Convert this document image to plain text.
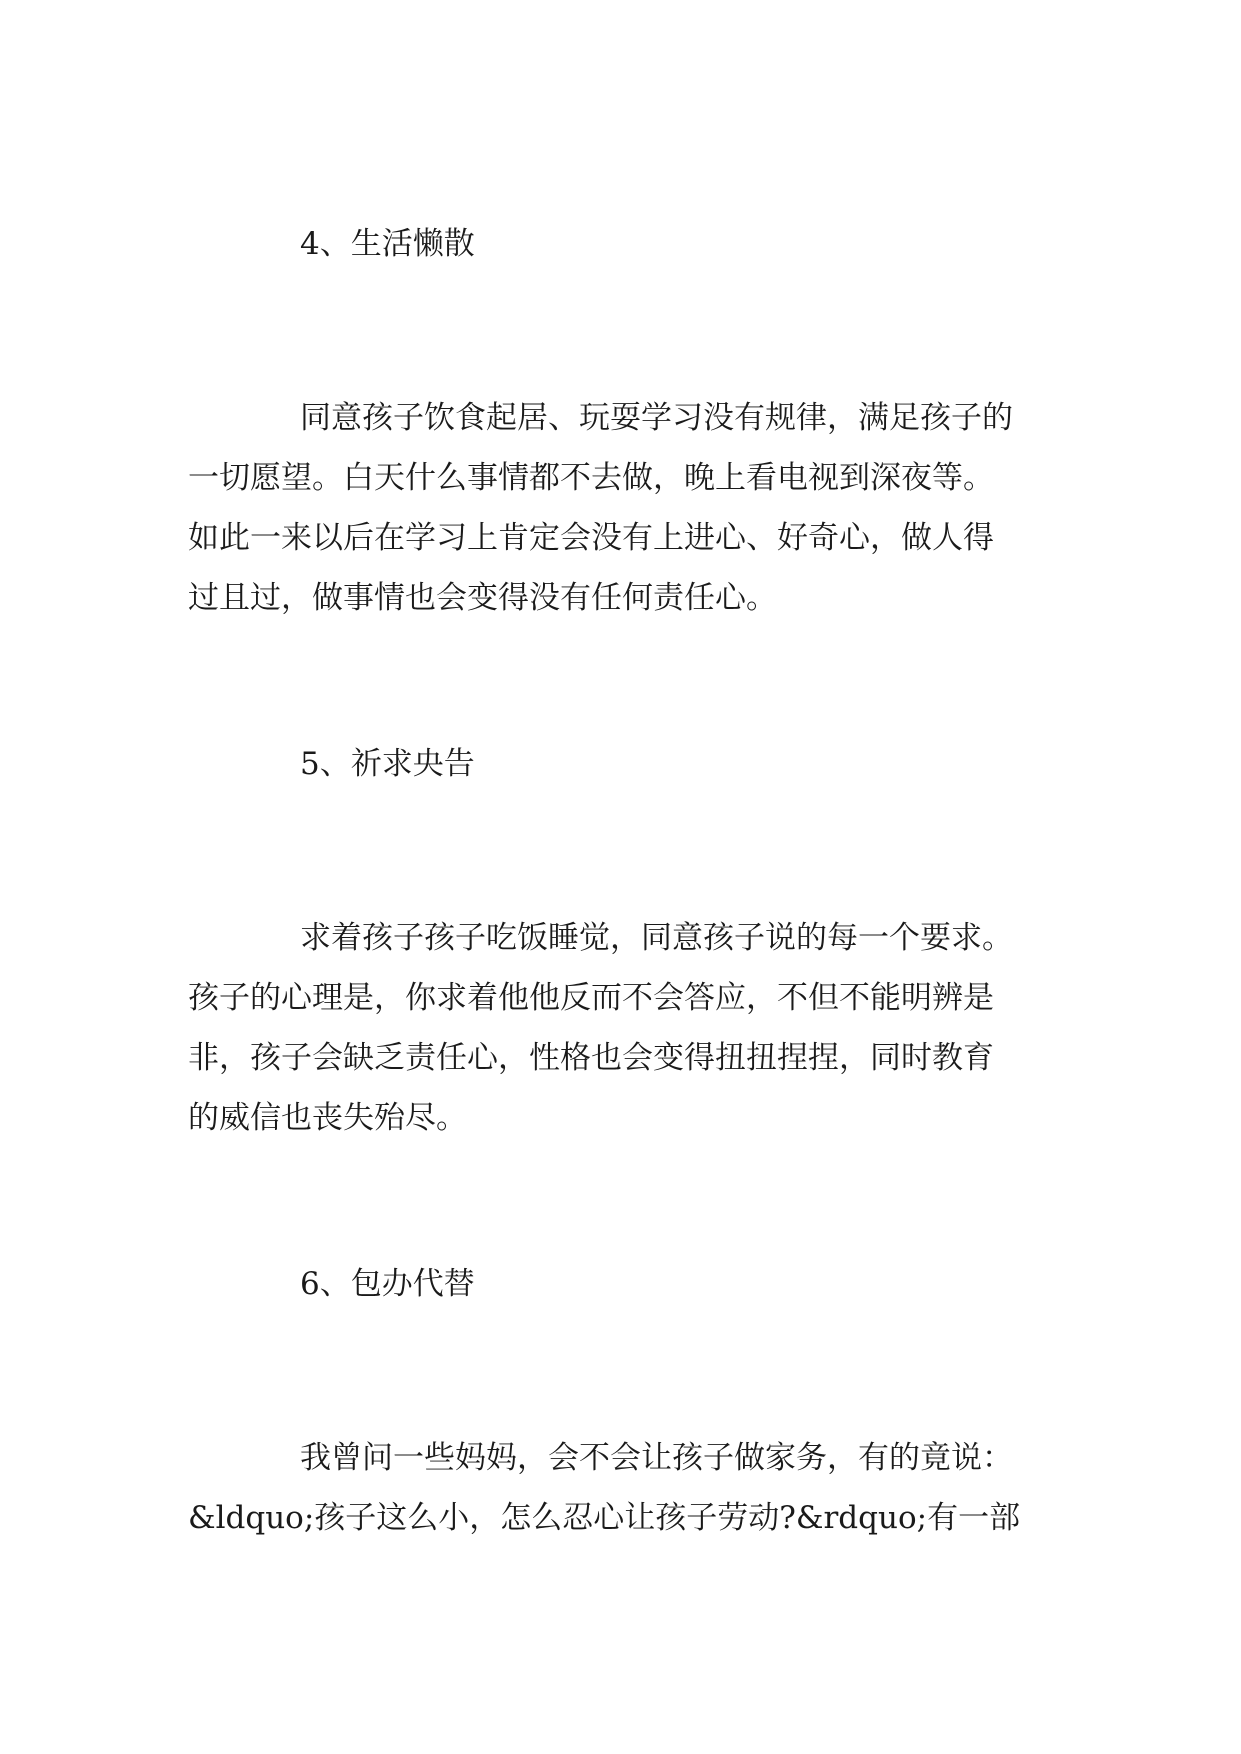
4、生活懒散
同意孩子饮食起居、玩耍学习没有规律，满足孩子的
一切愿望。白天什么事情都不去做，晚上看电视到深夜等。
如此一来以后在学习上肯定会没有上进心、好奇心，做人得
过且过，做事情也会变得没有任何责任心。
5、祈求央告
求着孩子孩子吃饭睡觉，同意孩子说的每一个要求。
孩子的心理是，你求着他他反而不会答应，不但不能明辨是
非，孩子会缺乏责任心，性格也会变得扭扭捏捏，同时教育
的威信也丧失殆尽。
6、包办代替
我曾问一些妈妈，会不会让孩子做家务，有的竟说：
&ldquo;孩子这么小，怎么忍心让孩子劳动?&rdquo;有一部
